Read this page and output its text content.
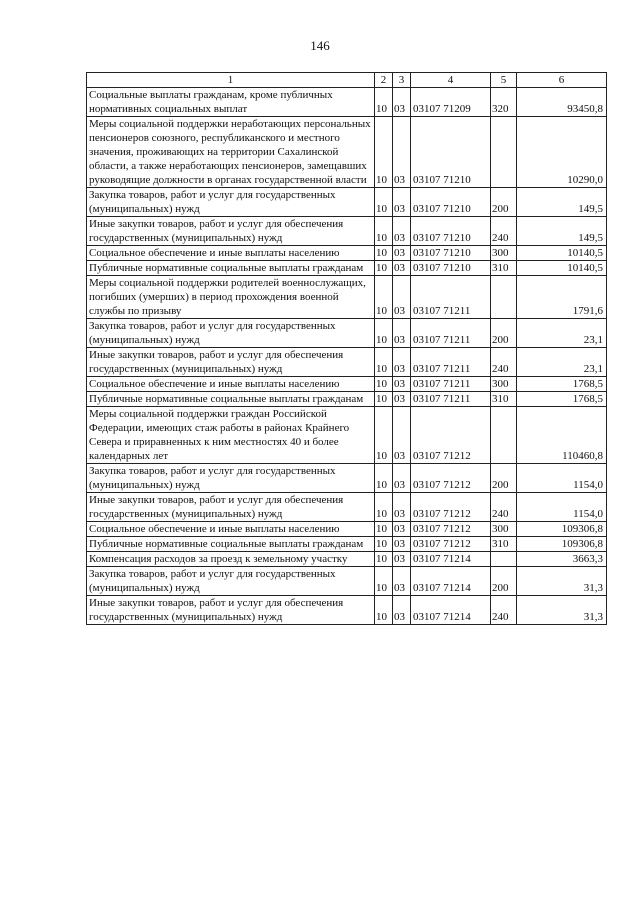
146
1	2	3	4	5	6
Социальные выплаты гражданам, кроме публичных нормативных социальных выплат	10	03	03107 71209	320	93450,8
Меры социальной поддержки неработающих персональных пенсионеров союзного, республиканского и местного значения, проживающих на территории Сахалинской области, а также неработающих пенсионеров, замещавших руководящие должности в органах государственной власти	10	03	03107 71210		10290,0
Закупка товаров, работ и услуг для государственных (муниципальных) нужд	10	03	03107 71210	200	149,5
Иные закупки товаров, работ и услуг для обеспечения государственных (муниципальных) нужд	10	03	03107 71210	240	149,5
Социальное обеспечение и иные выплаты населению	10	03	03107 71210	300	10140,5
Публичные нормативные социальные выплаты гражданам	10	03	03107 71210	310	10140,5
Меры социальной поддержки родителей военнослужащих, погибших (умерших) в период прохождения военной службы по призыву	10	03	03107 71211		1791,6
Закупка товаров, работ и услуг для государственных (муниципальных) нужд	10	03	03107 71211	200	23,1
Иные закупки товаров, работ и услуг для обеспечения государственных (муниципальных) нужд	10	03	03107 71211	240	23,1
Социальное обеспечение и иные выплаты населению	10	03	03107 71211	300	1768,5
Публичные нормативные социальные выплаты гражданам	10	03	03107 71211	310	1768,5
Меры социальной поддержки граждан Российской Федерации, имеющих стаж работы в районах Крайнего Севера и приравненных к ним местностях 40 и более календарных лет	10	03	03107 71212		110460,8
Закупка товаров, работ и услуг для государственных (муниципальных) нужд	10	03	03107 71212	200	1154,0
Иные закупки товаров, работ и услуг для обеспечения государственных (муниципальных) нужд	10	03	03107 71212	240	1154,0
Социальное обеспечение и иные выплаты населению	10	03	03107 71212	300	109306,8
Публичные нормативные социальные выплаты гражданам	10	03	03107 71212	310	109306,8
Компенсация расходов за проезд к земельному участку	10	03	03107 71214		3663,3
Закупка товаров, работ и услуг для государственных (муниципальных) нужд	10	03	03107 71214	200	31,3
Иные закупки товаров, работ и услуг для обеспечения государственных (муниципальных) нужд	10	03	03107 71214	240	31,3
